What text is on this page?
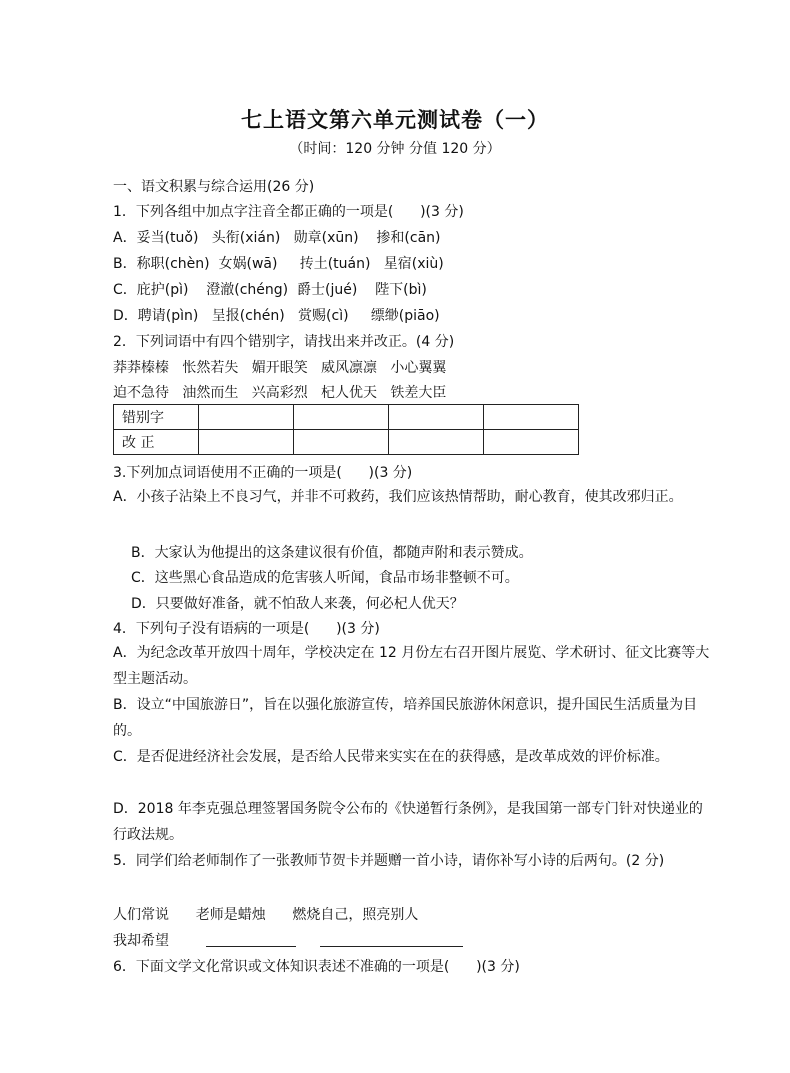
七上语文第六单元测试卷（一）
（时间：120 分钟 分值 120 分）
一、语文积累与综合运用(26 分)
1．下列各组中加点字注音全都正确的一项是(      )(3 分)
A．妥当(tuǒ)   头衔(xián)   勋章(xūn)    掺和(cān)
B．称职(chèn)  女娲(wā)     抟土(tuán)   星宿(xiù)
C．庇护(pì)    澄澈(chéng)  爵士(jué)    陛下(bì)
D．聘请(pìn)   呈报(chén)   赏赐(cì)     缥缈(piāo)
2．下列词语中有四个错别字，请找出来并改正。(4 分)
莽莽榛榛   怅然若失   媚开眼笑   威风凛凛   小心翼翼
迫不急待   油然而生   兴高彩烈   杞人优天   铁差大臣
错别字				
改 正				
3.下列加点词语使用不正确的一项是(      )(3 分)
A．小孩子沾染上不良习气，并非不可救药，我们应该热情帮助，耐心教育，使其改邪归正。
B．大家认为他提出的这条建议很有价值，都随声附和表示赞成。
C．这些黑心食品造成的危害骇人听闻，食品市场非整顿不可。
D．只要做好准备，就不怕敌人来袭，何必杞人优天？
4．下列句子没有语病的一项是(      )(3 分)
A．为纪念改革开放四十周年，学校决定在 12 月份左右召开图片展览、学术研讨、征文比赛等大型主题活动。
B．设立“中国旅游日”，旨在以强化旅游宣传，培养国民旅游休闲意识，提升国民生活质量为目的。
C．是否促进经济社会发展，是否给人民带来实实在在的获得感，是改革成效的评价标准。
D．2018 年李克强总理签署国务院令公布的《快递暂行条例》，是我国第一部专门针对快递业的行政法规。
5．同学们给老师制作了一张教师节贺卡并题赠一首小诗，请你补写小诗的后两句。(2 分)
人们常说      老师是蜡烛      燃烧自己，照亮别人
我却希望
6．下面文学文化常识或文体知识表述不准确的一项是(      )(3 分)
